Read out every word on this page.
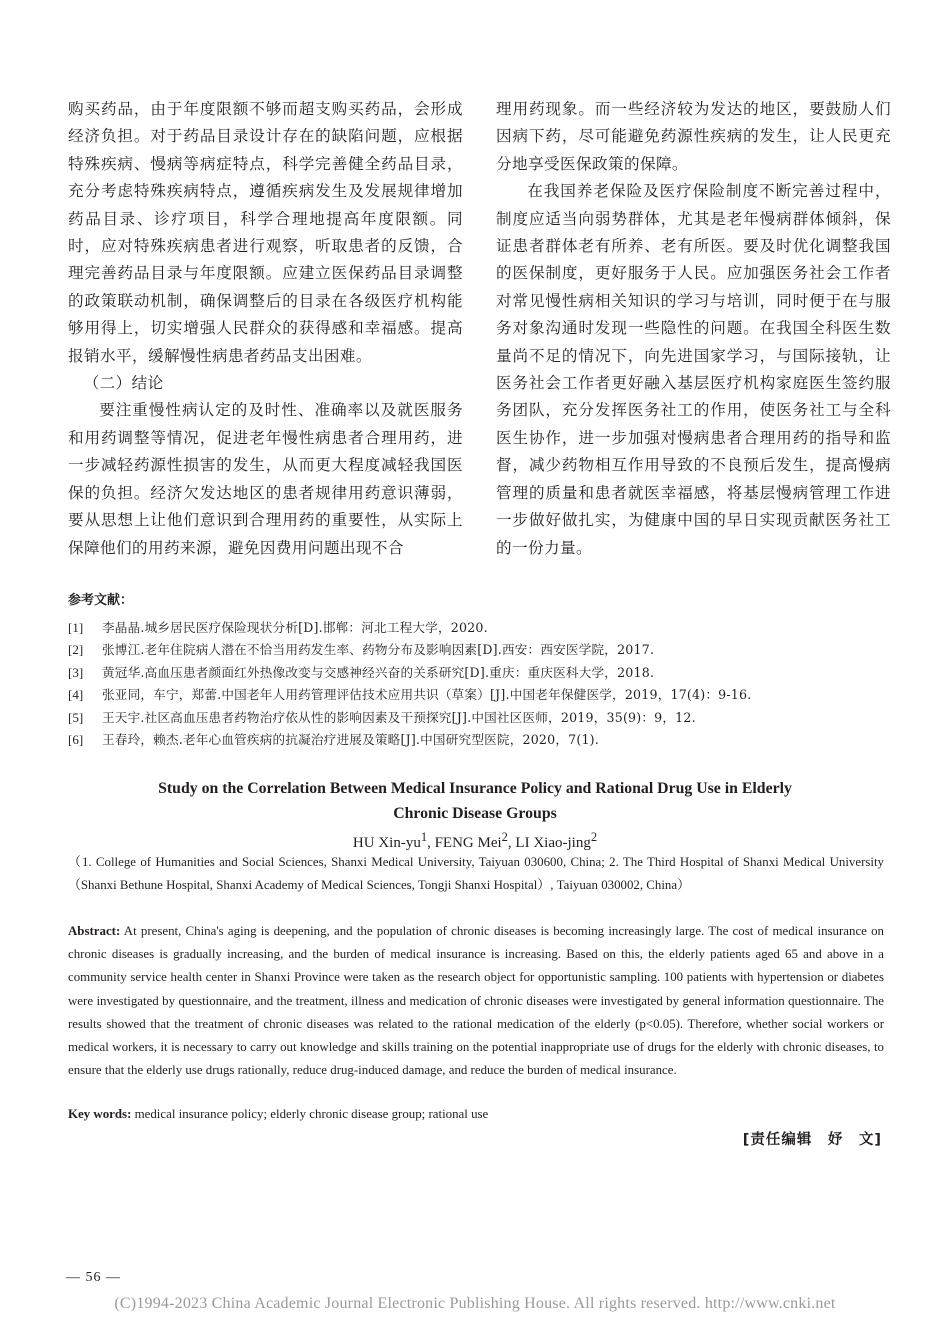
购买药品，由于年度限额不够而超支购买药品，会形成经济负担。对于药品目录设计存在的缺陷问题，应根据特殊疾病、慢病等病症特点，科学完善健全药品目录，充分考虑特殊疾病特点，遵循疾病发生及发展规律增加药品目录、诊疗项目，科学合理地提高年度限额。同时，应对特殊疾病患者进行观察，听取患者的反馈，合理完善药品目录与年度限额。应建立医保药品目录调整的政策联动机制，确保调整后的目录在各级医疗机构能够用得上，切实增强人民群众的获得感和幸福感。提高报销水平，缓解慢性病患者药品支出困难。

（二）结论

要注重慢性病认定的及时性、准确率以及就医服务和用药调整等情况，促进老年慢性病患者合理用药，进一步减轻药源性损害的发生，从而更大程度减轻我国医保的负担。经济欠发达地区的患者规律用药意识薄弱，要从思想上让他们意识到合理用药的重要性，从实际上保障他们的用药来源，避免因费用问题出现不合

理用药现象。而一些经济较为发达的地区，要鼓励人们因病下药，尽可能避免药源性疾病的发生，让人民更充分地享受医保政策的保障。

在我国养老保险及医疗保险制度不断完善过程中，制度应适当向弱势群体，尤其是老年慢病群体倾斜，保证患者群体老有所养、老有所医。要及时优化调整我国的医保制度，更好服务于人民。应加强医务社会工作者对常见慢性病相关知识的学习与培训，同时便于在与服务对象沟通时发现一些隐性的问题。在我国全科医生数量尚不足的情况下，向先进国家学习，与国际接轨，让医务社会工作者更好融入基层医疗机构家庭医生签约服务团队，充分发挥医务社工的作用，使医务社工与全科医生协作，进一步加强对慢病患者合理用药的指导和监督，减少药物相互作用导致的不良预后发生，提高慢病管理的质量和患者就医幸福感，将基层慢病管理工作进一步做好做扎实，为健康中国的早日实现贡献医务社工的一份力量。

参考文献：
[1]	李晶晶.城乡居民医疗保险现状分析[D].邯郸：河北工程大学，2020.
[2]	张博江.老年住院病人潜在不恰当用药发生率、药物分布及影响因素[D].西安：西安医学院，2017.
[3]	黄冠华.高血压患者颜面红外热像改变与交感神经兴奋的关系研究[D].重庆：重庆医科大学，2018.
[4]	张亚同，车宁，郑蕾.中国老年人用药管理评估技术应用共识（草案）[J].中国老年保健医学，2019，17(4)：9-16.
[5]	王天宇.社区高血压患者药物治疗依从性的影响因素及干预探究[J].中国社区医师，2019，35(9)：9，12.
[6]	王春玲，赖杰.老年心血管疾病的抗凝治疗进展及策略[J].中国研究型医院，2020，7(1).
Study on the Correlation Between Medical Insurance Policy and Rational Drug Use in Elderly
Chronic Disease Groups
HU Xin-$yu^1$, FENG Mei$^2$, LI Xiao-jing$^2$
（1. College of Humanities and Social Sciences, Shanxi Medical University, Taiyuan 030600, China; 2. The Third Hospital of Shanxi Medical University（Shanxi Bethune Hospital, Shanxi Academy of Medical Sciences, Tongji Shanxi Hospital）, Taiyuan 030002, China）
Abstract: At present, China's aging is deepening, and the population of chronic diseases is becoming increasingly large. The cost of medical insurance on chronic diseases is gradually increasing, and the burden of medical insurance is increasing. Based on this, the elderly patients aged 65 and above in a community service health center in Shanxi Province were taken as the research object for opportunistic sampling. 100 patients with hypertension or diabetes were investigated by questionnaire, and the treatment, illness and medication of chronic diseases were investigated by general information questionnaire. The results showed that the treatment of chronic diseases was related to the rational medication of the elderly (p<0.05). Therefore, whether social workers or medical workers, it is necessary to carry out knowledge and skills training on the potential inappropriate use of drugs for the elderly with chronic diseases, to ensure that the elderly use drugs rationally, reduce drug-induced damage, and reduce the burden of medical insurance.
Key words: medical insurance policy; elderly chronic disease group; rational use
[责任编辑　妤　文]
— 56 —
(C)1994-2023 China Academic Journal Electronic Publishing House. All rights reserved. http://www.cnki.net
